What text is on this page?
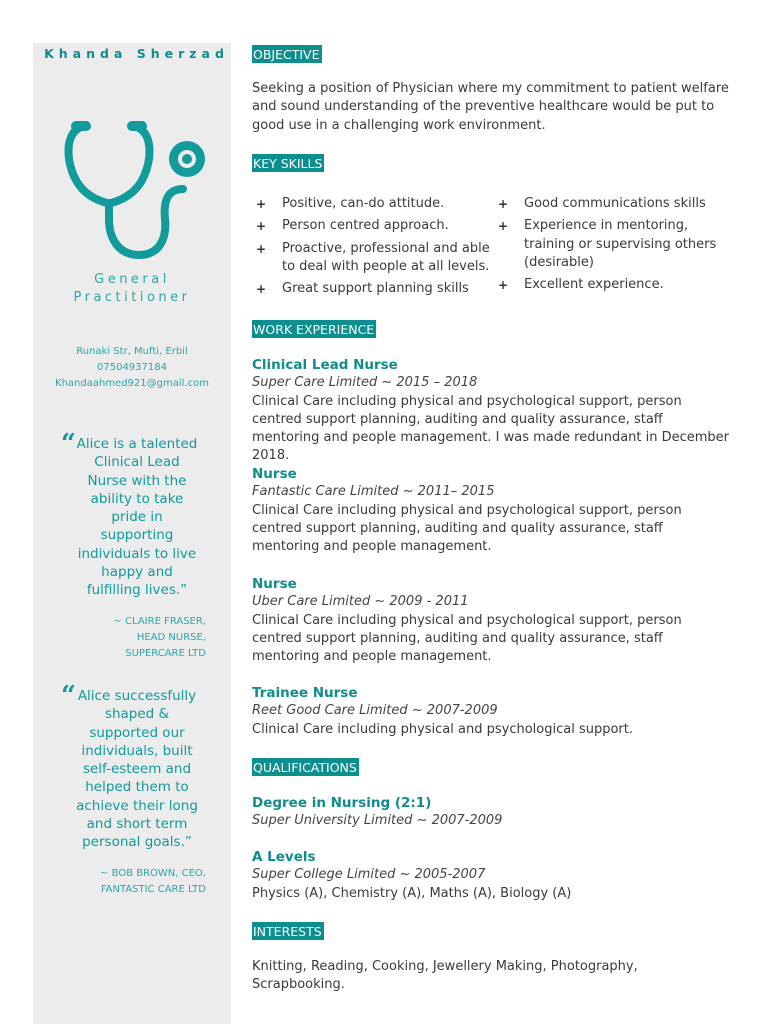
Khanda Sherzad
General
Practitioner
Runaki Str, Mufti, Erbil
07504937184
Khandaahmed921@gmail.com
“ Alice is a talented Clinical Lead Nurse with the ability to take pride in supporting individuals to live happy and fulfilling lives.”
~ CLAIRE FRASER,
HEAD NURSE,
SUPERCARE LTD
“ Alice successfully shaped & supported our individuals, built self-esteem and helped them to achieve their long and short term personal goals.”
~ BOB BROWN, CEO,
FANTASTIC CARE LTD
OBJECTIVE
Seeking a position of Physician where my commitment to patient welfare and sound understanding of the preventive healthcare would be put to good use in a challenging work environment.
KEY SKILLS
+ Positive, can-do attitude.
+ Person centred approach.
+ Proactive, professional and able to deal with people at all levels.
+ Great support planning skills
+ Good communications skills
+ Experience in mentoring, training or supervising others (desirable)
+ Excellent experience.
WORK EXPERIENCE
Clinical Lead Nurse
Super Care Limited ~ 2015 – 2018
Clinical Care including physical and psychological support, person centred support planning, auditing and quality assurance, staff mentoring and people management. I was made redundant in December 2018.
Nurse
Fantastic Care Limited ~ 2011– 2015
Clinical Care including physical and psychological support, person centred support planning, auditing and quality assurance, staff mentoring and people management.
Nurse
Uber Care Limited ~ 2009 - 2011
Clinical Care including physical and psychological support, person centred support planning, auditing and quality assurance, staff mentoring and people management.
Trainee Nurse
Reet Good Care Limited ~ 2007-2009
Clinical Care including physical and psychological support.
QUALIFICATIONS
Degree in Nursing (2:1)
Super University Limited ~ 2007-2009
A Levels
Super College Limited ~ 2005-2007
Physics (A), Chemistry (A), Maths (A), Biology (A)
INTERESTS
Knitting, Reading, Cooking, Jewellery Making, Photography, Scrapbooking.
